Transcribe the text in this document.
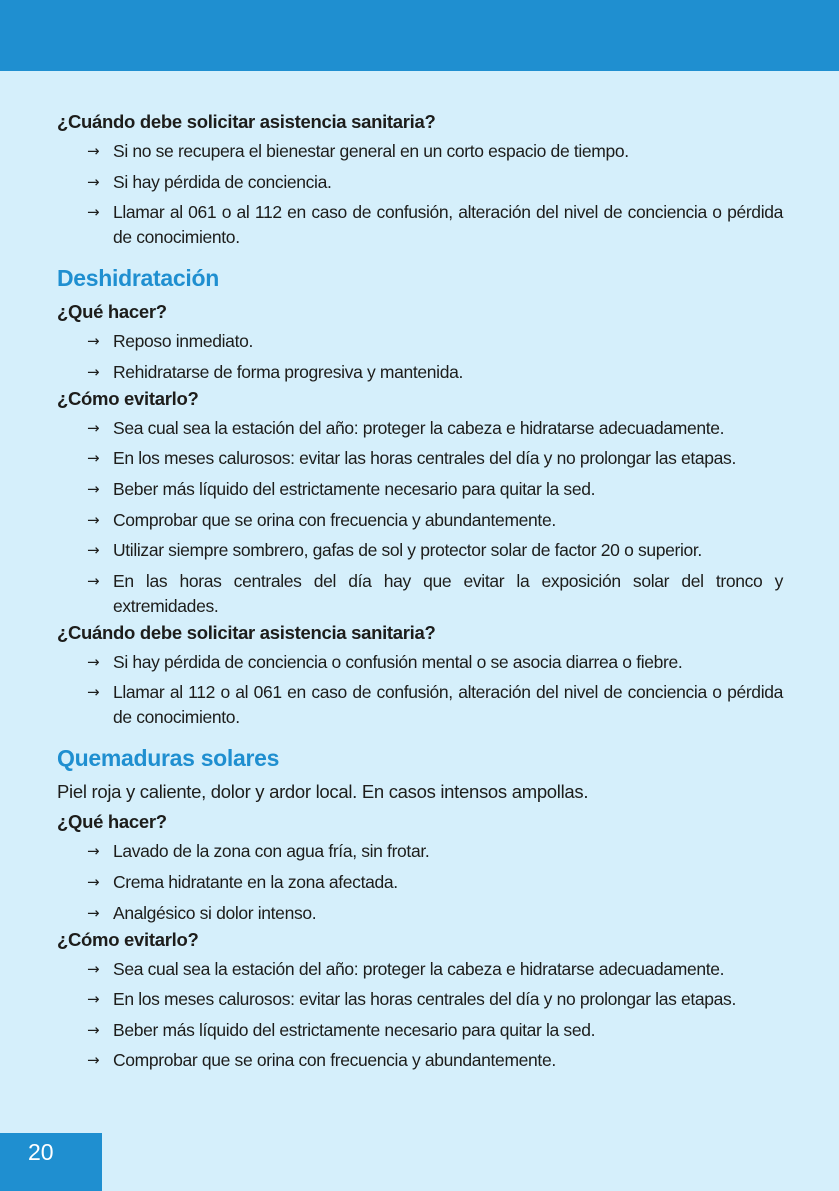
¿Cuándo debe solicitar asistencia sanitaria?
→ Si no se recupera el bienestar general en un corto espacio de tiempo.
→ Si hay pérdida de conciencia.
→ Llamar al 061 o al 112 en caso de confusión, alteración del nivel de conciencia o pérdida de conocimiento.
Deshidratación
¿Qué hacer?
→ Reposo inmediato.
→ Rehidratarse de forma progresiva y mantenida.
¿Cómo evitarlo?
→ Sea cual sea la estación del año: proteger la cabeza e hidratarse adecuadamente.
→ En los meses calurosos: evitar las horas centrales del día y no prolongar las etapas.
→ Beber más líquido del estrictamente necesario para quitar la sed.
→ Comprobar que se orina con frecuencia y abundantemente.
→ Utilizar siempre sombrero, gafas de sol y protector solar de factor 20 o superior.
→ En las horas centrales del día hay que evitar la exposición solar del tronco y extremidades.
¿Cuándo debe solicitar asistencia sanitaria?
→ Si hay pérdida de conciencia o confusión mental o se asocia diarrea o fiebre.
→ Llamar al 112 o al 061 en caso de confusión, alteración del nivel de conciencia o pérdida de conocimiento.
Quemaduras solares

Piel roja y caliente, dolor y ardor local. En casos intensos ampollas.

¿Qué hacer?
→ Lavado de la zona con agua fría, sin frotar.
→ Crema hidratante en la zona afectada.
→ Analgésico si dolor intenso.
¿Cómo evitarlo?
→ Sea cual sea la estación del año: proteger la cabeza e hidratarse adecuadamente.
→ En los meses calurosos: evitar las horas centrales del día y no prolongar las etapas.
→ Beber más líquido del estrictamente necesario para quitar la sed.
→ Comprobar que se orina con frecuencia y abundantemente.
20
